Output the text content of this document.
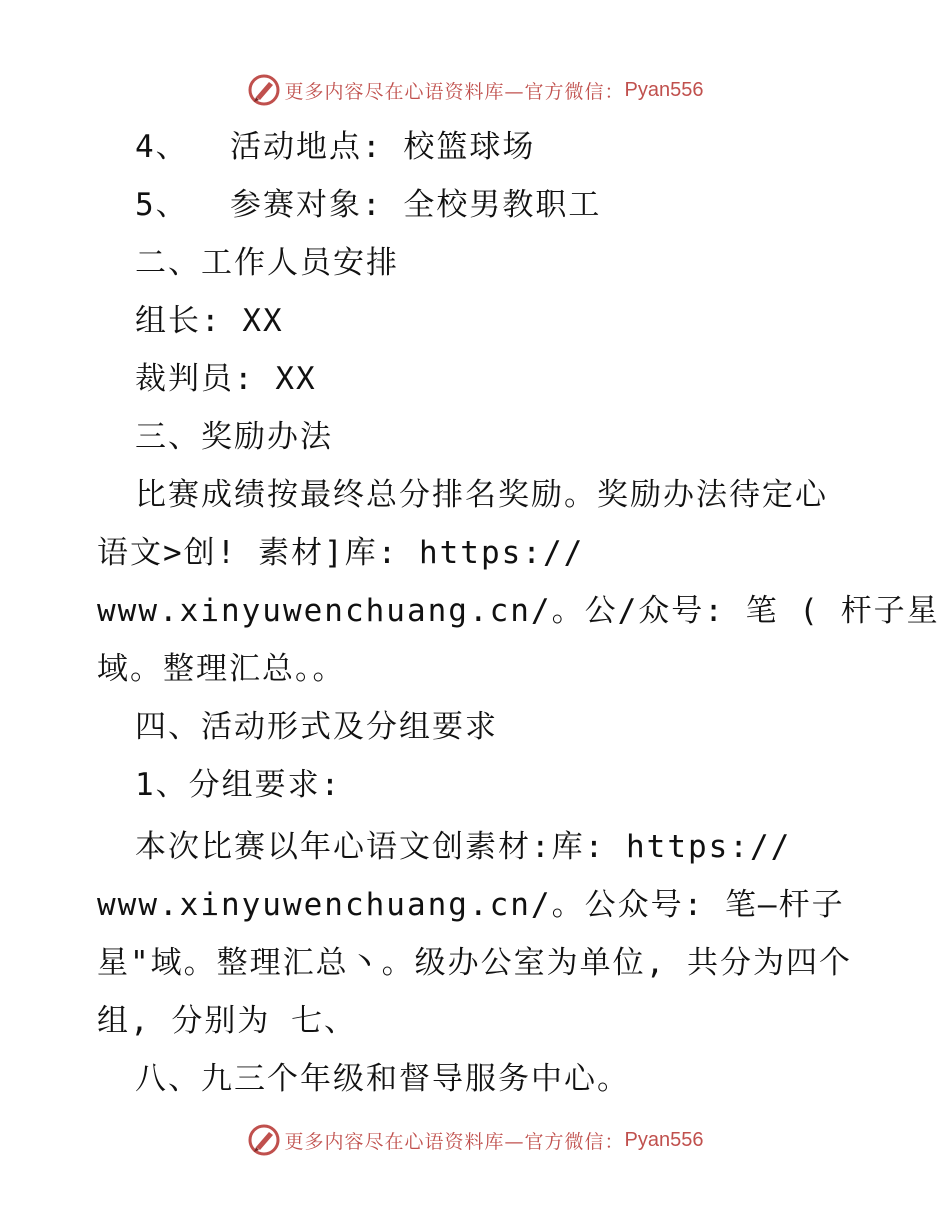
更多内容尽在心语资料库—官方微信： Pyan556
4、  活动地点: 校篮球场
5、  参赛对象: 全校男教职工
二、工作人员安排
组长: XX
裁判员: XX
三、奖励办法
比赛成绩按最终总分排名奖励。奖励办法待定心
语文>创! 素材]库: https://
www.xinyuwenchuang.cn/。公/众号: 笔 ( 杆子星
域。整理汇总。。
四、活动形式及分组要求
1、分组要求:
本次比赛以年心语文创素材:库: https://
www.xinyuwenchuang.cn/。公众号: 笔—杆子
星"域。整理汇总丶。级办公室为单位, 共分为四个
组, 分别为 七、
八、九三个年级和督导服务中心。
更多内容尽在心语资料库—官方微信： Pyan556
